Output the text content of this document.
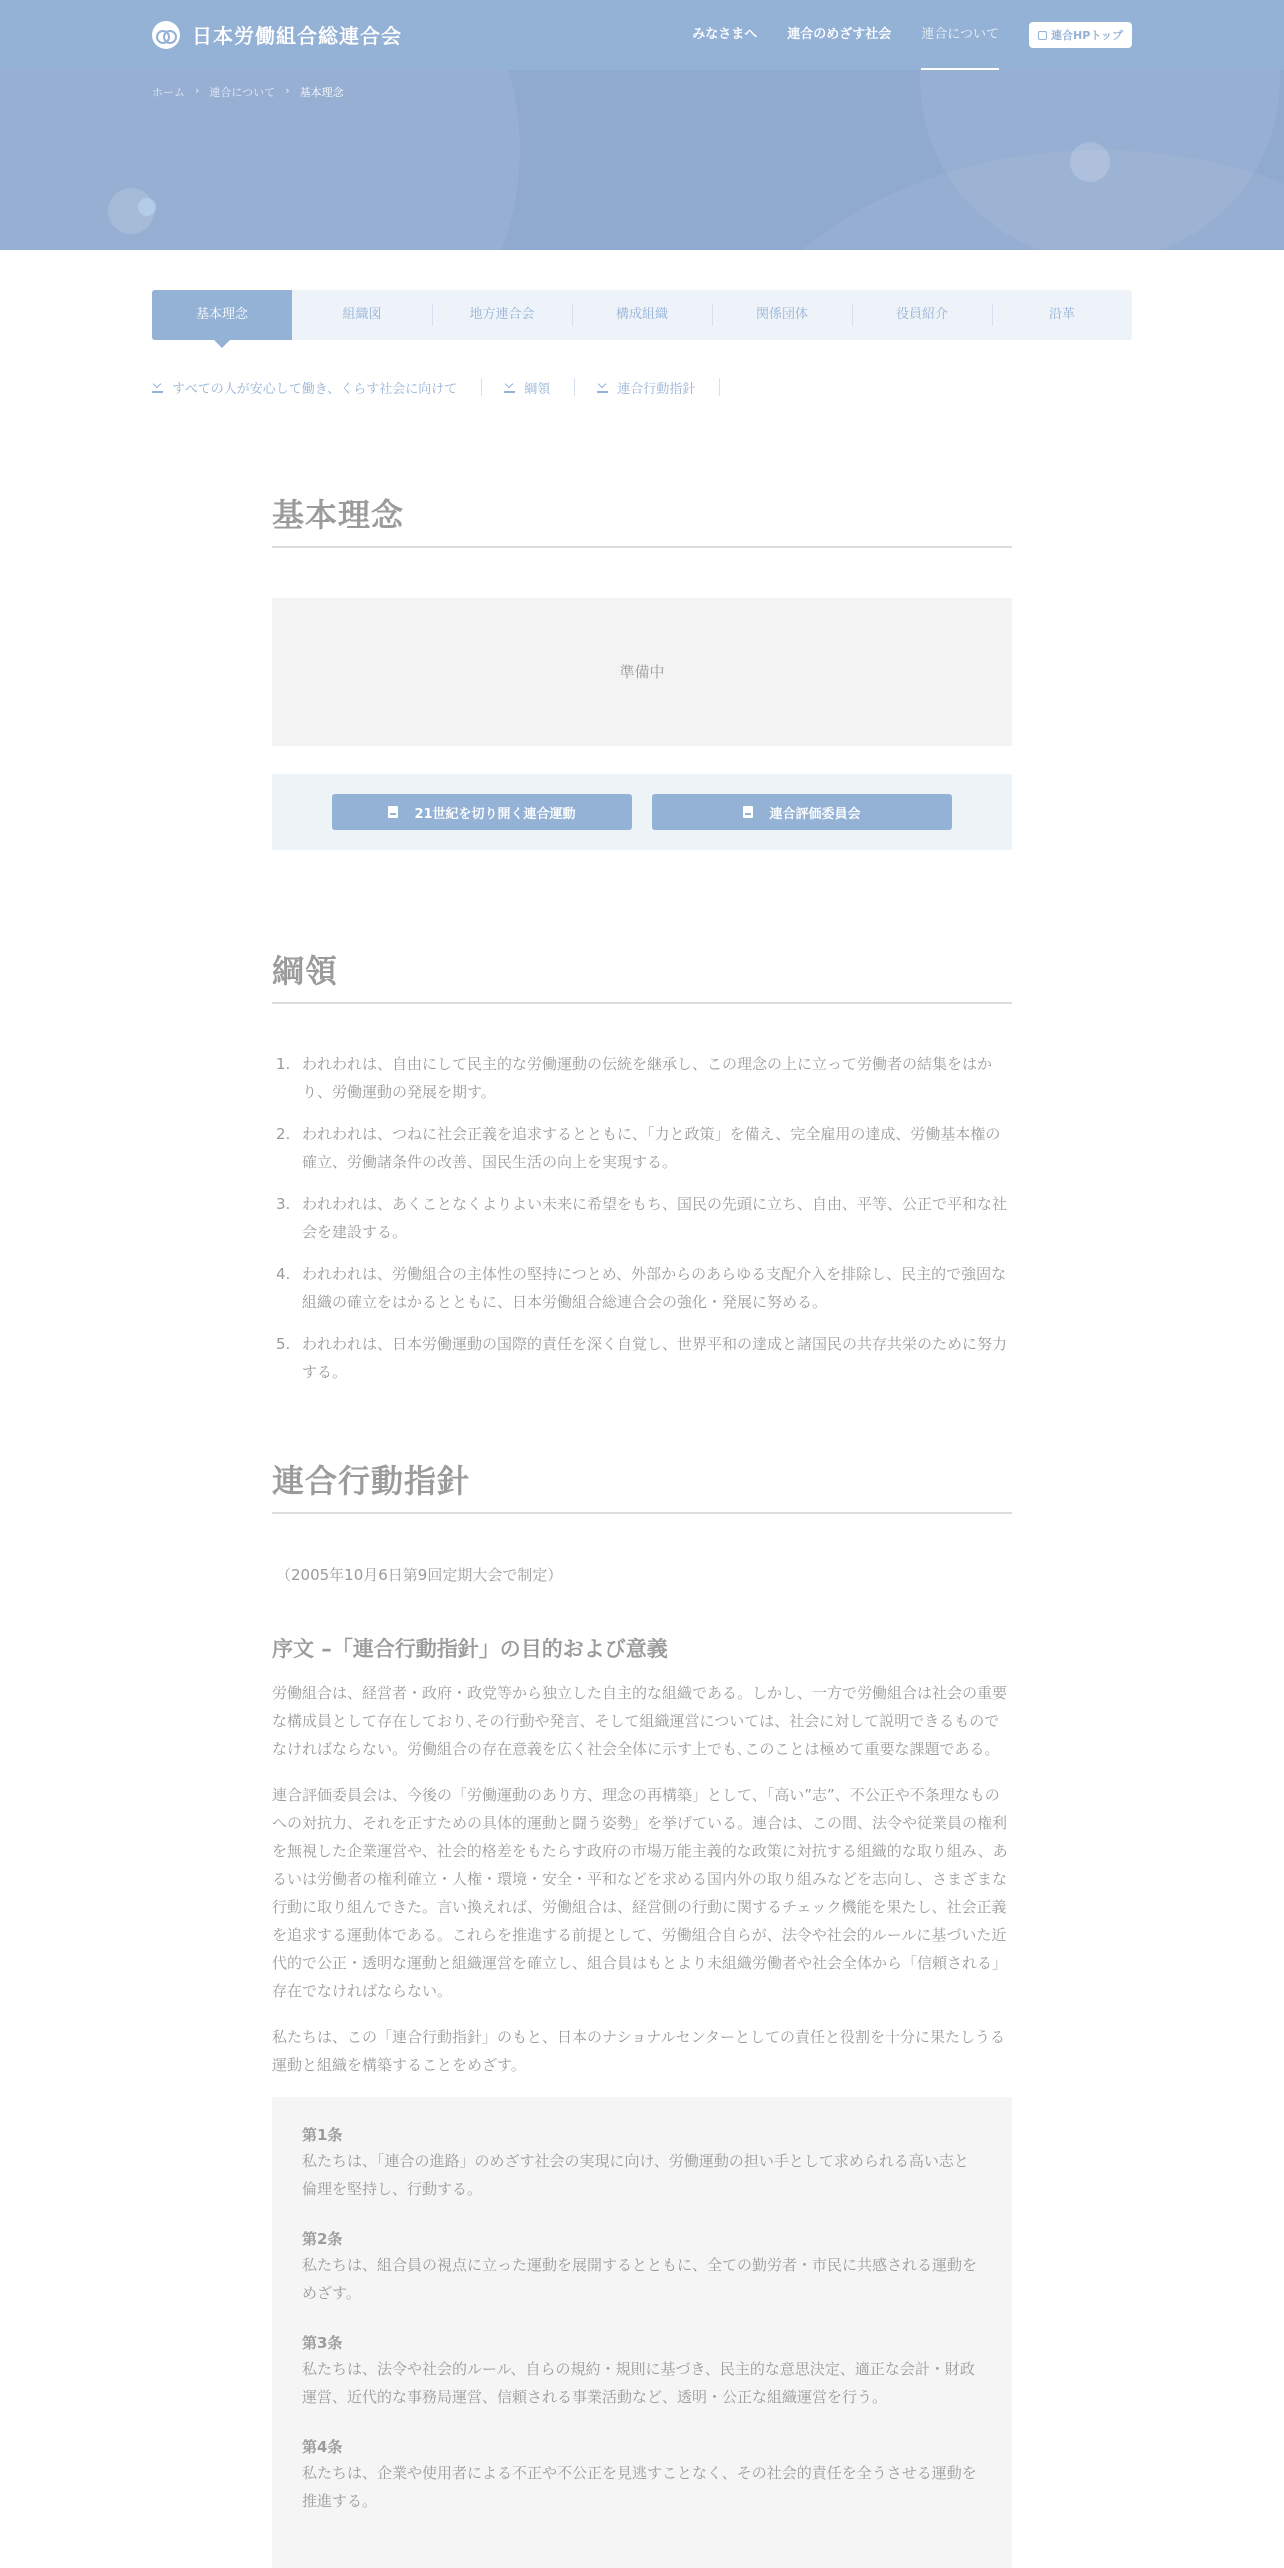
日本労働組合総連合会	みなさまへ 連合のめざす社会 連合について	連合HPトップ
ホーム › 連合について › 基本理念
基本理念	組織図	地方連合会	構成組織	関係団体	役員紹介	沿革
すべての人が安心して働き、くらす社会に向けて	綱領	連合行動指針
基本理念
準備中
21世紀を切り開く連合運動	連合評価委員会
綱領
1. われわれは、自由にして民主的な労働運動の伝統を継承し、この理念の上に立って労働者の結集をはかり、労働運動の発展を期す。
2. われわれは、つねに社会正義を追求するとともに、「力と政策」を備え、完全雇用の達成、労働基本権の確立、労働諸条件の改善、国民生活の向上を実現する。
3. われわれは、あくことなくよりよい未来に希望をもち、国民の先頭に立ち、自由、平等、公正で平和な社会を建設する。
4. われわれは、労働組合の主体性の堅持につとめ、外部からのあらゆる支配介入を排除し、民主的で強固な組織の確立をはかるとともに、日本労働組合総連合会の強化・発展に努める。
5. われわれは、日本労働運動の国際的責任を深く自覚し、世界平和の達成と諸国民の共存共栄のために努力する。
連合行動指針

（2005年10月6日第9回定期大会で制定）

序文 –「連合行動指針」の目的および意義

労働組合は、経営者・政府・政党等から独立した自主的な組織である。しかし、一方で労働組合は社会の重要な構成員として存在しており､その行動や発言、そして組織運営については、社会に対して説明できるものでなければならない。労働組合の存在意義を広く社会全体に示す上でも､このことは極めて重要な課題である。

連合評価委員会は、今後の「労働運動のあり方、理念の再構築」として、「高い”志”、不公正や不条理なものへの対抗力、それを正すための具体的運動と闘う姿勢」を挙げている。連合は、この間、法令や従業員の権利を無視した企業運営や、社会的格差をもたらす政府の市場万能主義的な政策に対抗する組織的な取り組み、あるいは労働者の権利確立・人権・環境・安全・平和などを求める国内外の取り組みなどを志向し、さまざまな行動に取り組んできた。言い換えれば、労働組合は、経営側の行動に関するチェック機能を果たし、社会正義を追求する運動体である。これらを推進する前提として、労働組合自らが、法令や社会的ルールに基づいた近代的で公正・透明な運動と組織運営を確立し、組合員はもとより未組織労働者や社会全体から「信頼される」存在でなければならない。

私たちは、この「連合行動指針」のもと、日本のナショナルセンターとしての責任と役割を十分に果たしうる運動と組織を構築することをめざす。

第1条
私たちは、「連合の進路」のめざす社会の実現に向け、労働運動の担い手として求められる高い志と倫理を堅持し、行動する。
第2条
私たちは、組合員の視点に立った運動を展開するとともに、全ての勤労者・市民に共感される運動をめざす。
第3条
私たちは、法令や社会的ルール、自らの規約・規則に基づき、民主的な意思決定、適正な会計・財政運営、近代的な事務局運営、信頼される事業活動など、透明・公正な組織運営を行う。
第4条
私たちは、企業や使用者による不正や不公正を見逃すことなく、その社会的責任を全うさせる運動を推進する。
